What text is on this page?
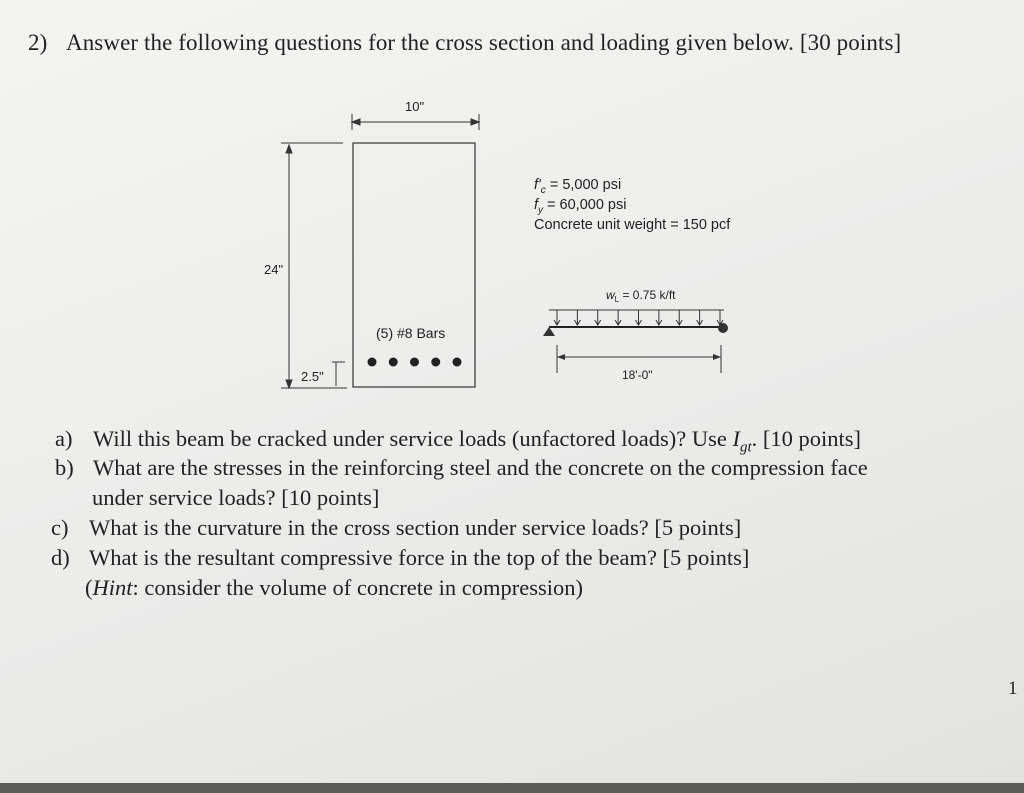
2) Answer the following questions for the cross section and loading given below. [30 points]
24"
10"
2.5"
(5) #8 Bars
$f'_c = 5,000$ psi
$f_y = 60,000$ psi
Concrete unit weight = 150 pcf
$w_L = 0.75$ k/ft
18'-0"
a) Will this beam be cracked under service loads (unfactored loads)? Use $I_{gt}$. [10 points]
b) What are the stresses in the reinforcing steel and the concrete on the compression face
under service loads? [10 points]
c) What is the curvature in the cross section under service loads? [5 points]
d) What is the resultant compressive force in the top of the beam? [5 points]
(Hint: consider the volume of concrete in compression)
1
